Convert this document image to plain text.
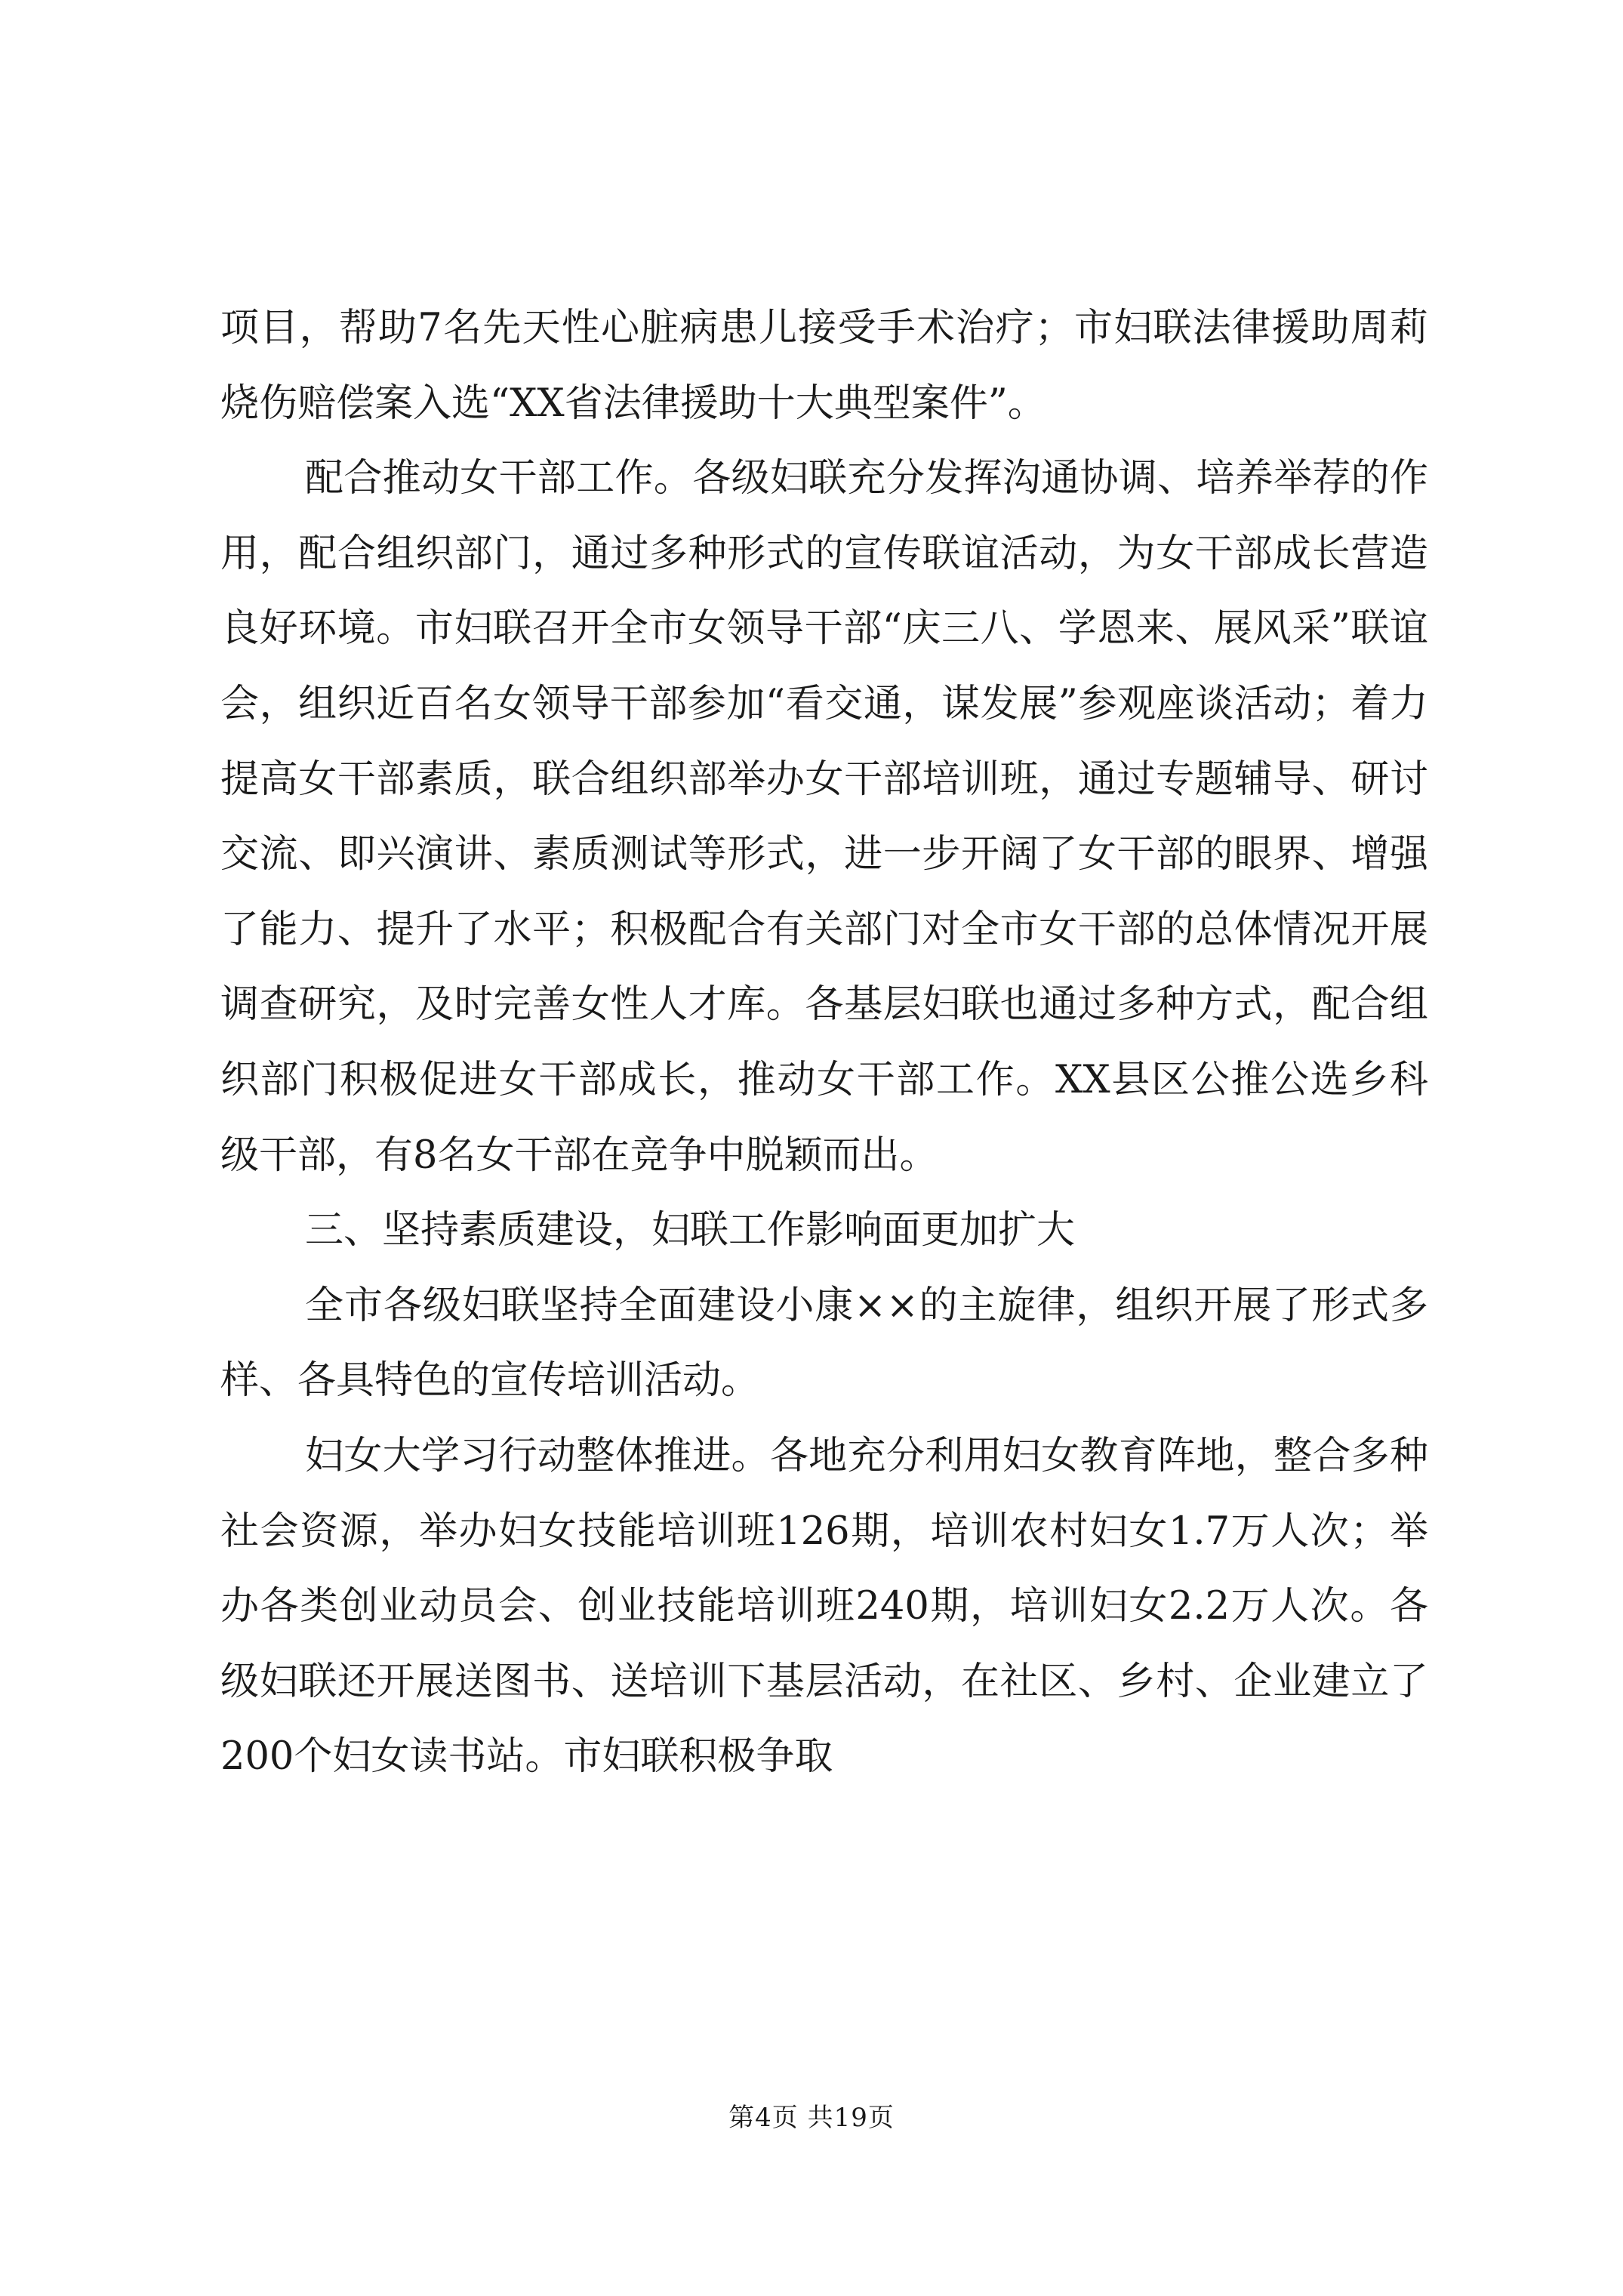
项目，帮助7名先天性心脏病患儿接受手术治疗；市妇联法律援助周莉烧伤赔偿案入选“XX省法律援助十大典型案件”。

配合推动女干部工作。各级妇联充分发挥沟通协调、培养举荐的作用，配合组织部门，通过多种形式的宣传联谊活动，为女干部成长营造良好环境。市妇联召开全市女领导干部“庆三八、学恩来、展风采”联谊会，组织近百名女领导干部参加“看交通，谋发展”参观座谈活动；着力提高女干部素质，联合组织部举办女干部培训班，通过专题辅导、研讨交流、即兴演讲、素质测试等形式，进一步开阔了女干部的眼界、增强了能力、提升了水平；积极配合有关部门对全市女干部的总体情况开展调查研究，及时完善女性人才库。各基层妇联也通过多种方式，配合组织部门积极促进女干部成长，推动女干部工作。XX县区公推公选乡科级干部，有8名女干部在竞争中脱颖而出。

三、坚持素质建设，妇联工作影响面更加扩大

全市各级妇联坚持全面建设小康××的主旋律，组织开展了形式多样、各具特色的宣传培训活动。

妇女大学习行动整体推进。各地充分利用妇女教育阵地，整合多种社会资源，举办妇女技能培训班126期，培训农村妇女1.7万人次；举办各类创业动员会、创业技能培训班240期，培训妇女2.2万人次。各级妇联还开展送图书、送培训下基层活动，在社区、乡村、企业建立了200个妇女读书站。市妇联积极争取

第4页 共19页
